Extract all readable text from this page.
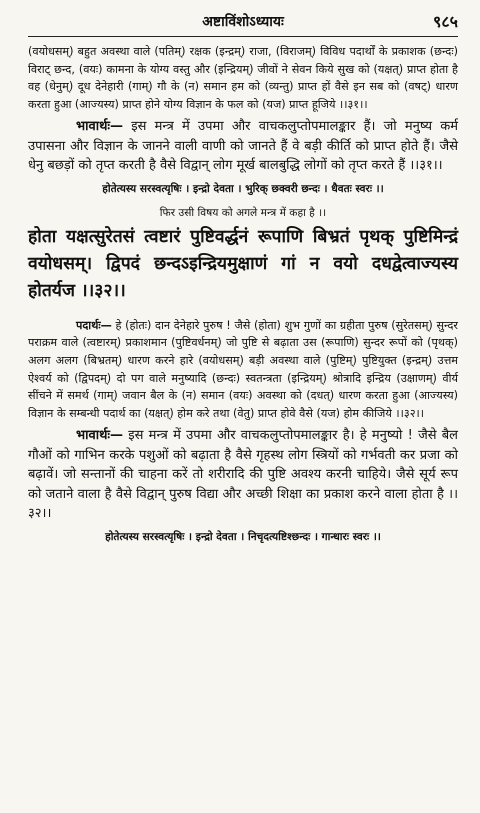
अष्टाविंशोऽध्यायः	९८५

(वयोधसम्) बहुत अवस्था वाले (पतिम्) रक्षक (इन्द्रम्) राजा, (विराजम्) विविध पदार्थों के प्रकाशक (छन्दः) विराट् छन्द, (वयः) कामना के योग्य वस्तु और (इन्द्रियम्) जीवों ने सेवन किये सुख को (यक्षत्) प्राप्त होता है वह (धेनुम्) दूध देनेहारी (गाम्) गौ के (न) समान हम को (व्यन्तु) प्राप्त हों वैसे इन सब को (वषट्) धारण करता हुआ (आज्यस्य) प्राप्त होने योग्य विज्ञान के फल को (यज) प्राप्त हूजिये ।।३१।।

भावार्थः— इस मन्त्र में उपमा और वाचकलुप्तोपमालङ्कार हैं। जो मनुष्य कर्म उपासना और विज्ञान के जानने वाली वाणी को जानते हैं वे बड़ी कीर्ति को प्राप्त होते हैं। जैसे धेनु बछड़ों को तृप्त करती है वैसे विद्वान् लोग मूर्ख बालबुद्धि लोगों को तृप्त करते हैं ।।३१।।

होतेत्यस्य सरस्वत्यृषिः । इन्द्रो देवता । भुरिक् छक्वरी छन्दः । धैवतः स्वरः ।।

फिर उसी विषय को अगले मन्त्र में कहा है ।।

होता यक्षत्सुरेतसं त्वष्टारं पुष्टिवर्द्धनं रूपाणि बिभ्रतं पृथक् पुष्टिमिन्द्रं वयोधसम्। द्विपदं छन्दऽइन्द्रियमुक्षाणं गां न वयो दधद्वेत्वाज्यस्य होतर्यज ।।३२।।

पदार्थः— हे (होतः) दान देनेहारे पुरुष ! जैसे (होता) शुभ गुणों का ग्रहीता पुरुष (सुरेतसम्) सुन्दर पराक्रम वाले (त्वष्टारम्) प्रकाशमान (पुष्टिवर्धनम्) जो पुष्टि से बढ़ाता उस (रूपाणि) सुन्दर रूपों को (पृथक्) अलग अलग (बिभ्रतम्) धारण करने हारे (वयोधसम्) बड़ी अवस्था वाले (पुष्टिम्) पुष्टियुक्त (इन्द्रम्) उत्तम ऐश्वर्य को (द्विपदम्) दो पग वाले मनुष्यादि (छन्दः) स्वतन्त्रता (इन्द्रियम्) श्रोत्रादि इन्द्रिय (उक्षाणम्) वीर्य सींचने में समर्थ (गाम्) जवान बैल के (न) समान (वयः) अवस्था को (दधत्) धारण करता हुआ (आज्यस्य) विज्ञान के सम्बन्धी पदार्थ का (यक्षत्) होम करे तथा (वेतु) प्राप्त होवे वैसे (यज) होम कीजिये ।।३२।।

भावार्थः— इस मन्त्र में उपमा और वाचकलुप्तोपमालङ्कार है। हे मनुष्यो ! जैसे बैल गौओं को गाभिन करके पशुओं को बढ़ाता है वैसे गृहस्थ लोग स्त्रियों को गर्भवती कर प्रजा को बढ़ावें। जो सन्तानों की चाहना करें तो शरीरादि की पुष्टि अवश्य करनी चाहिये। जैसे सूर्य रूप को जताने वाला है वैसे विद्वान् पुरुष विद्या और अच्छी शिक्षा का प्रकाश करने वाला होता है ।।३२।।

होतेत्यस्य सरस्वत्यृषिः । इन्द्रो देवता । निचृदत्यष्टिश्छन्दः । गान्धारः स्वरः ।।
